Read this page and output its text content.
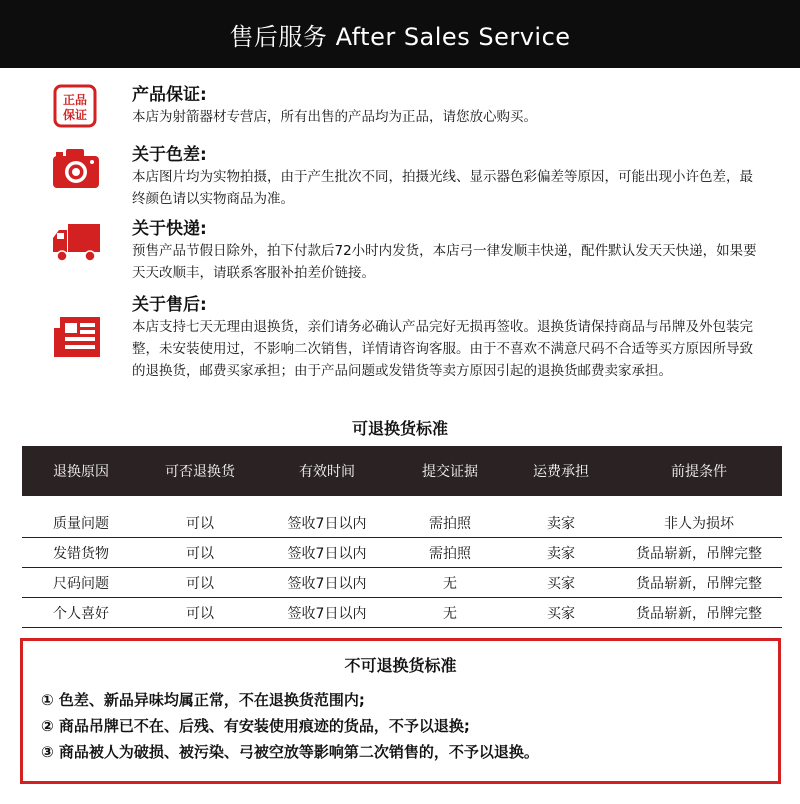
售后服务 After Sales Service
正品
保证
产品保证:
本店为射箭器材专营店，所有出售的产品均为正品，请您放心购买。
关于色差:
本店图片均为实物拍摄，由于产生批次不同，拍摄光线、显示器色彩偏差等原因，可能出现小许色差，最终颜色请以实物商品为准。
关于快递:
预售产品节假日除外，拍下付款后72小时内发货，本店弓一律发顺丰快递，配件默认发天天快递，如果要天天改顺丰，请联系客服补拍差价链接。
关于售后:
本店支持七天无理由退换货，亲们请务必确认产品完好无损再签收。退换货请保持商品与吊牌及外包装完整，未安装使用过，不影响二次销售，详情请咨询客服。由于不喜欢不满意尺码不合适等买方原因所导致的退换货，邮费买家承担；由于产品问题或发错货等卖方原因引起的退换货邮费卖家承担。
可退换货标准
退换原因	可否退换货	有效时间	提交证据	运费承担	前提条件
质量问题	可以	签收7日以内	需拍照	卖家	非人为损坏
发错货物	可以	签收7日以内	需拍照	卖家	货品崭新，吊牌完整
尺码问题	可以	签收7日以内	无	买家	货品崭新，吊牌完整
个人喜好	可以	签收7日以内	无	买家	货品崭新，吊牌完整
不可退换货标准
① 色差、新品异味均属正常，不在退换货范围内;
② 商品吊牌已不在、后残、有安装使用痕迹的货品，不予以退换;
③ 商品被人为破损、被污染、弓被空放等影响第二次销售的，不予以退换。
